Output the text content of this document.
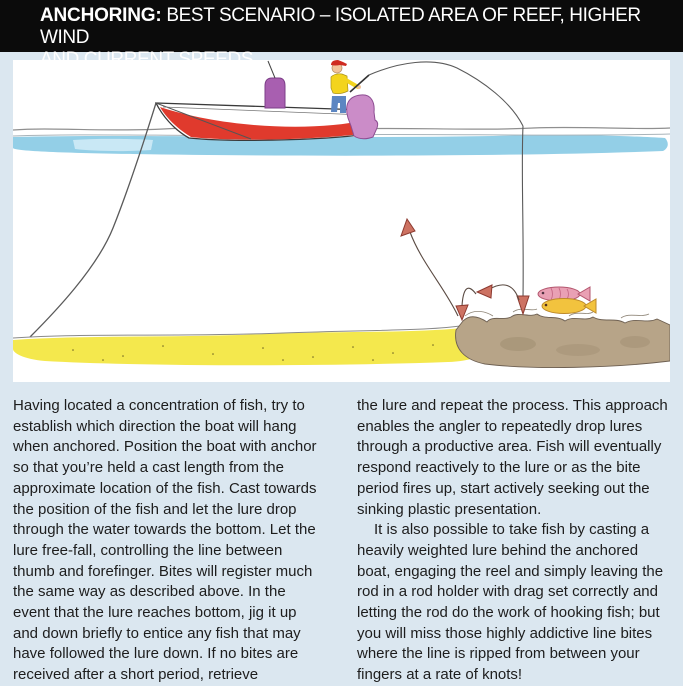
ANCHORING: BEST SCENARIO – ISOLATED AREA OF REEF, HIGHER WIND

Having located a concentration of fish, try to establish which direction the boat will hang when anchored. Position the boat with anchor so that you’re held a cast length from the approximate location of the fish. Cast towards the position of the fish and let the lure drop through the water towards the bottom. Let the lure free-fall, controlling the line between thumb and forefinger. Bites will register much the same way as described above. In the event that the lure reaches bottom, jig it up and down briefly to entice any fish that may have followed the lure down. If no bites are received after a short period, retrieve

the lure and repeat the process. This approach enables the angler to repeatedly drop lures through a productive area. Fish will eventually respond reactively to the lure or as the bite period fires up, start actively seeking out the sinking plastic presentation.

It is also possible to take fish by casting a heavily weighted lure behind the anchored boat, engaging the reel and simply leaving the rod in a rod holder with drag set correctly and letting the rod do the work of hooking fish; but you will miss those highly addictive line bites where the line is ripped from between your fingers at a rate of knots!
